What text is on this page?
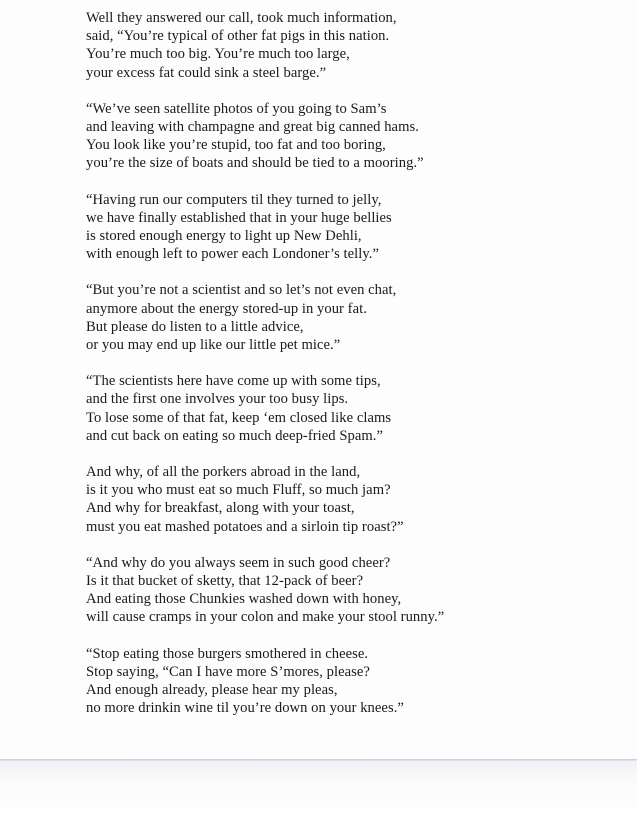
Well they answered our call, took much information,
said, “You’re typical of other fat pigs in this nation.
You’re much too big. You’re much too large,
your excess fat could sink a steel barge.”
“We’ve seen satellite photos of you going to Sam’s
and leaving with champagne and great big canned hams.
You look like you’re stupid, too fat and too boring,
you’re the size of boats and should be tied to a mooring.”
“Having run our computers til they turned to jelly,
we have finally established that in your huge bellies
is stored enough energy to light up New Dehli,
with enough left to power each Londoner’s telly.”
“But you’re not a scientist and so let’s not even chat,
anymore about the energy stored-up in your fat.
But please do listen to a little advice,
or you may end up like our little pet mice.”
“The scientists here have come up with some tips,
and the first one involves your too busy lips.
To lose some of that fat, keep ‘em closed like clams
and cut back on eating so much deep-fried Spam.”
And why, of all the porkers abroad in the land,
is it you who must eat so much Fluff, so much jam?
And why for breakfast, along with your toast,
must you eat mashed potatoes and a sirloin tip roast?”
“And why do you always seem in such good cheer?
Is it that bucket of sketty, that 12-pack of beer?
And eating those Chunkies washed down with honey,
will cause cramps in your colon and make your stool runny.”
“Stop eating those burgers smothered in cheese.
Stop saying, “Can I have more S’mores, please?
And enough already, please hear my pleas,
no more drinkin wine til you’re down on your knees.”
